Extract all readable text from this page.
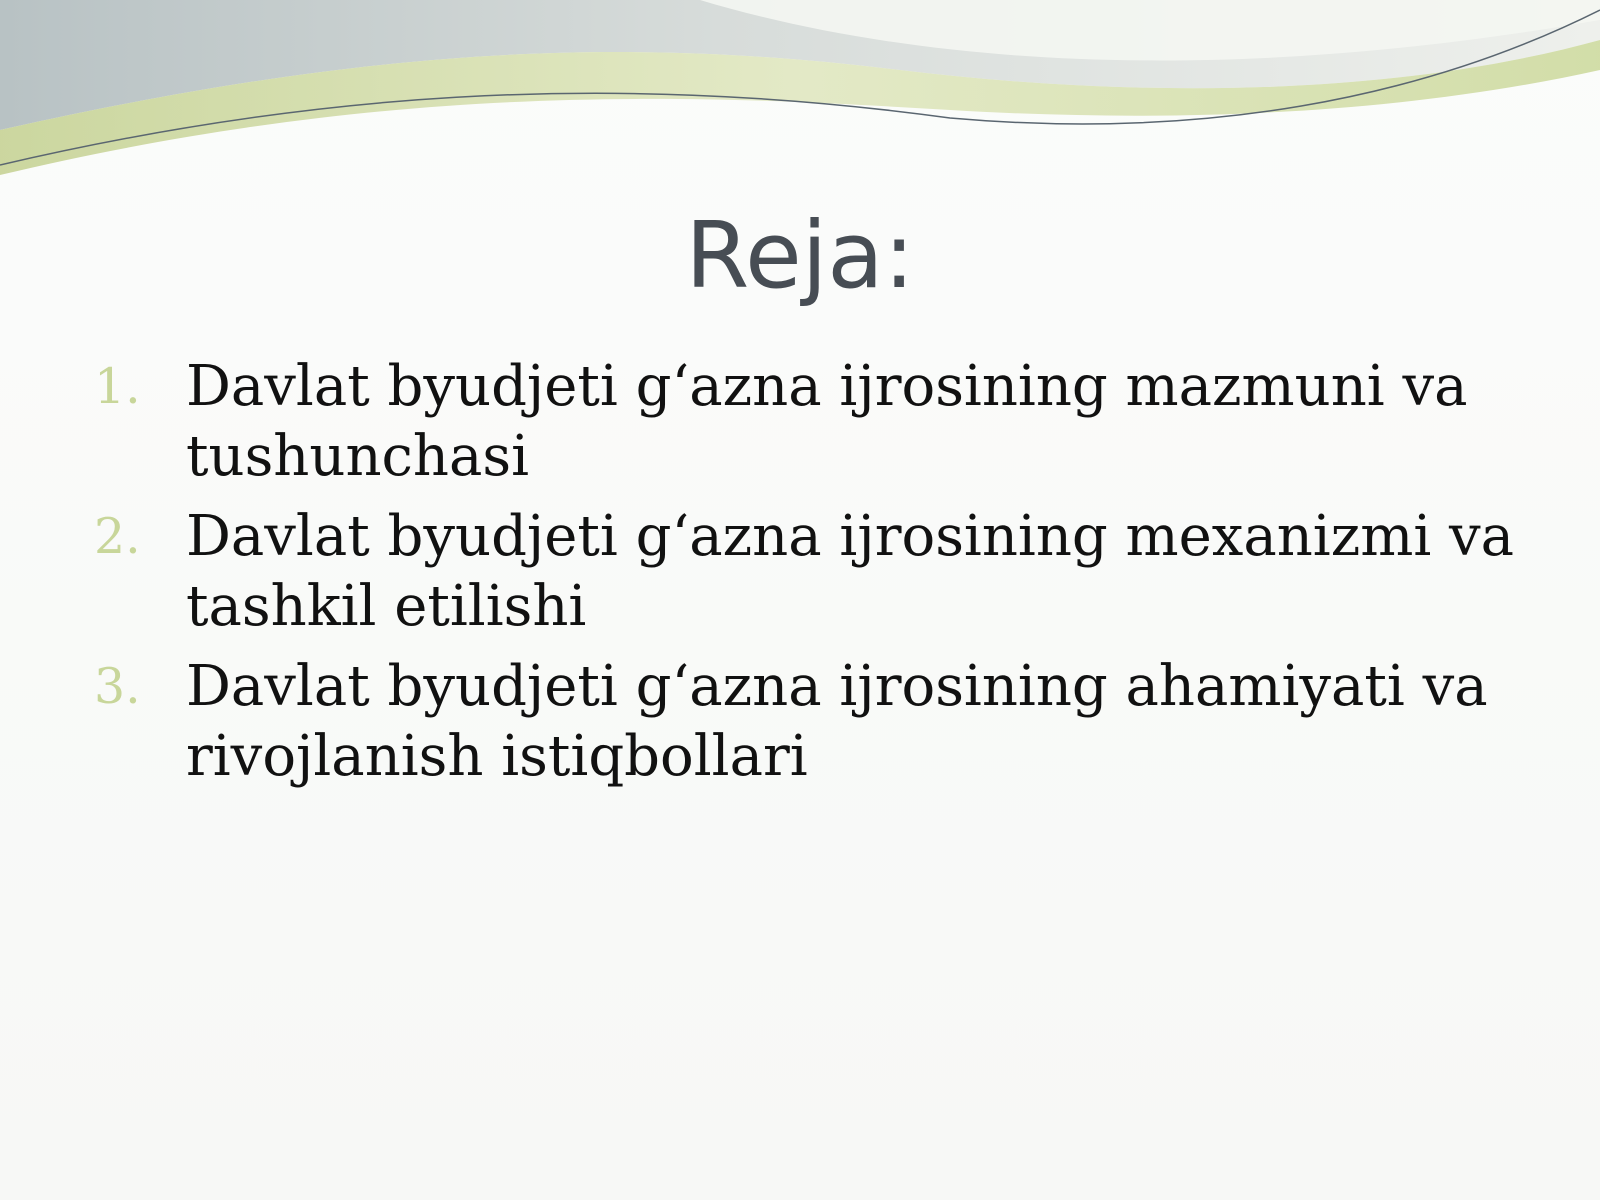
Reja:
1. Davlat byudjeti g‘azna ijrosining mazmuni va tushunchasi
2. Davlat byudjeti g‘azna ijrosining mexanizmi va tashkil etilishi
3. Davlat byudjeti g‘azna ijrosining ahamiyati va rivojlanish istiqbollari
